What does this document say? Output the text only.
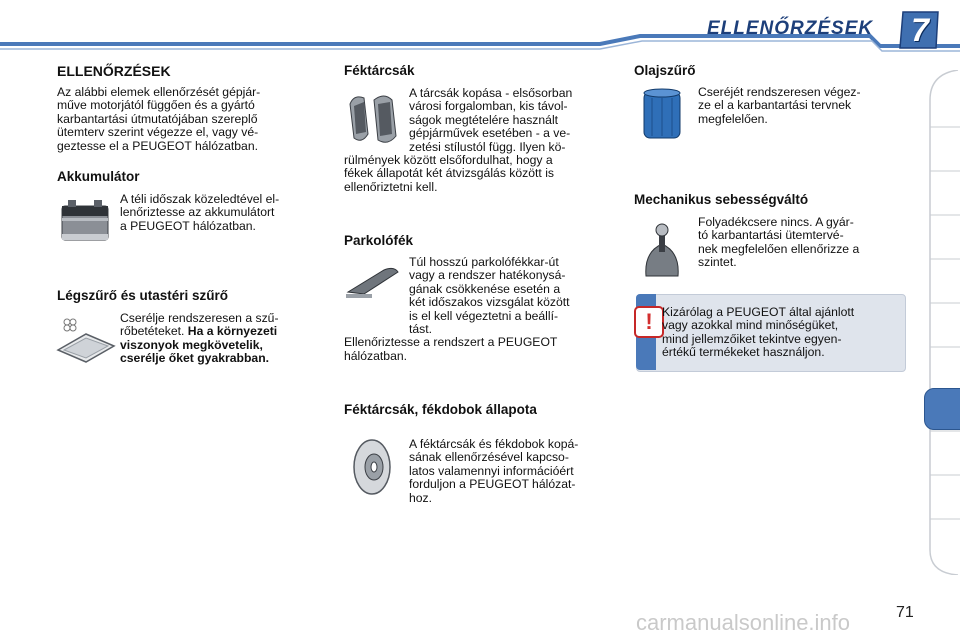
ELLENŐRZÉSEK 7
ELLENŐRZÉSEK
Az alábbi elemek ellenőrzését gépjár-
műve motorjától függően és a gyártó
karbantartási útmutatójában szereplő
ütemterv szerint végezze el, vagy vé-
geztesse el a PEUGEOT hálózatban.
Akkumulátor
A téli időszak közeledtével el-
lenőriztesse az akkumulátort
a PEUGEOT hálózatban.
Légszűrő és utastéri szűrő
Cserélje rendszeresen a szű-
rőbetéteket. Ha a környezeti
viszonyok megkövetelik,
cserélje őket gyakrabban.
Féktárcsák
A tárcsák kopása - elsősorban
városi forgalomban, kis távol-
ságok megtételére használt
gépjárművek esetében - a ve-
zetési stílustól függ. Ilyen kö-
rülmények között elsőfordulhat, hogy a
fékek állapotát két átvizsgálás között is
ellenőriztetni kell.
Parkolófék
Túl hosszú parkolófékkar-út
vagy a rendszer hatékonysá-
gának csökkenése esetén a
két időszakos vizsgálat között
is el kell végeztetni a beállí-
tást.
Ellenőriztesse a rendszert a PEUGEOT
hálózatban.
Féktárcsák, fékdobok állapota
A féktárcsák és fékdobok kopá-
sának ellenőrzésével kapcso-
latos valamennyi információért
forduljon a PEUGEOT hálózat-
hoz.
Olajszűrő
Cseréjét rendszeresen végez-
ze el a karbantartási tervnek
megfelelően.
Mechanikus sebességváltó
Folyadékcsere nincs. A gyár-
tó karbantartási ütemtervé-
nek megfelelően ellenőrizze a
szintet.
! Kizárólag a PEUGEOT által ajánlott
vagy azokkal mind minőségüket,
mind jellemzőiket tekintve egyen-
értékű termékeket használjon.
carmanualsonline.info	71
